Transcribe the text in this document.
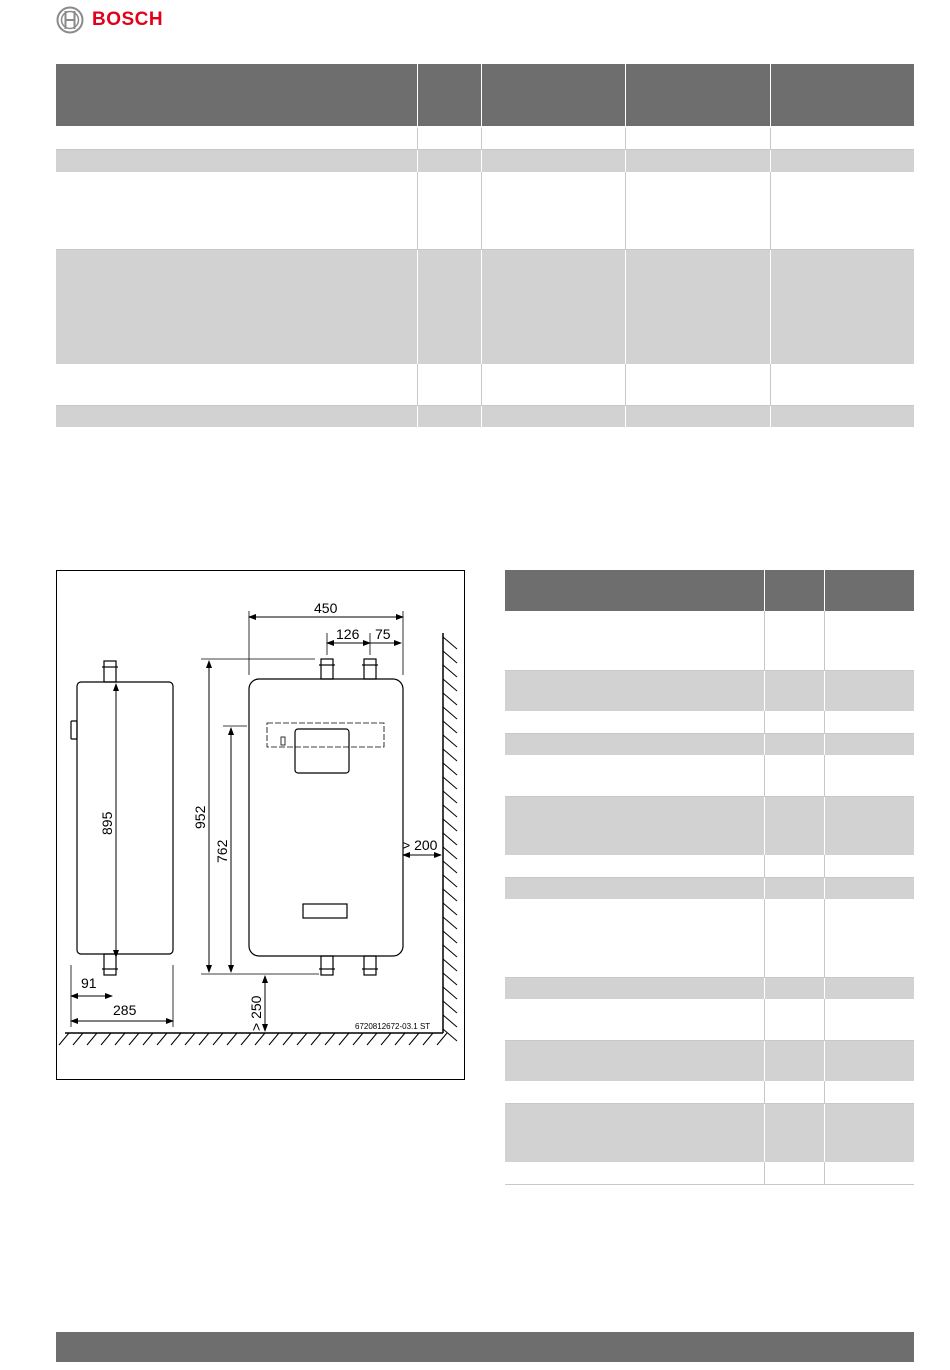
BOSCH

895
91
285
450
126 75
952
762	> 200
> 250	6720812672-03.1 ST
